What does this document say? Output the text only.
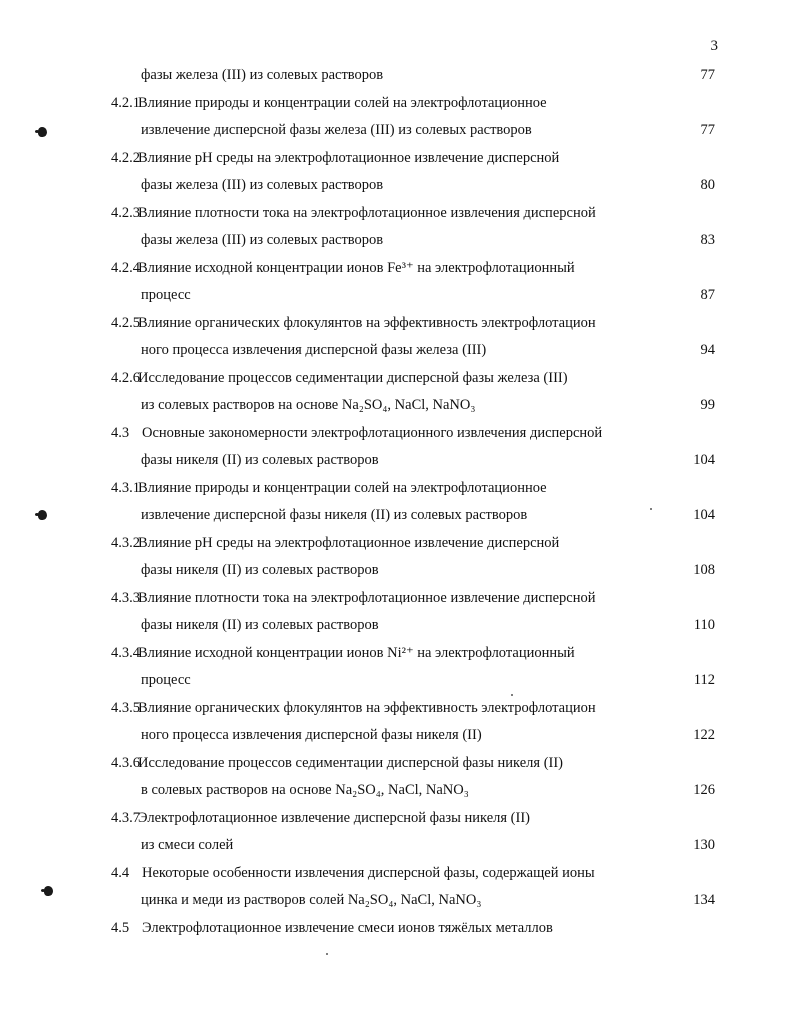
3
фазы железа (III) из солевых растворов	77
4.2.1
Влияние природы и концентрации солей на электрофлотационное
извлечение дисперсной фазы железа (III) из солевых растворов	77
4.2.2
Влияние pH среды на электрофлотационное извлечение дисперсной
фазы железа (III) из солевых растворов	80
4.2.3
Влияние плотности тока на электрофлотационное извлечения дисперсной
фазы железа (III) из солевых растворов	83
4.2.4
Влияние исходной концентрации ионов Fe³⁺ на электрофлотационный
процесс	87
4.2.5
Влияние органических флокулянтов на эффективность электрофлотацион
ного процесса извлечения дисперсной фазы железа (III)	94
4.2.6
Исследование процессов седиментации дисперсной фазы железа (III)
из солевых растворов на основе Na₂SO₄, NaCl, NaNO₃	99
4.3 Основные закономерности электрофлотационного извлечения дисперсной
фазы никеля (II) из солевых растворов	104
4.3.1
Влияние природы и концентрации солей на электрофлотационное
извлечение дисперсной фазы никеля (II) из солевых растворов	104
4.3.2
Влияние pH среды на электрофлотационное извлечение дисперсной
фазы никеля (II) из солевых растворов	108
4.3.3
Влияние плотности тока на электрофлотационное извлечение дисперсной
фазы никеля (II) из солевых растворов	110
4.3.4
Влияние исходной концентрации ионов Ni²⁺ на электрофлотационный
процесс	112
4.3.5
Влияние органических флокулянтов на эффективность электрофлотацион
ного процесса извлечения дисперсной фазы никеля (II)	122
4.3.6
Исследование процессов седиментации дисперсной фазы никеля (II)
в солевых растворов на основе Na₂SO₄, NaCl, NaNO₃	126
4.3.7
Электрофлотационное извлечение дисперсной фазы никеля (II)
из смеси солей	130
4.4 Некоторые особенности извлечения дисперсной фазы, содержащей ионы
цинка и меди из растворов солей Na₂SO₄, NaCl, NaNO₃	134
4.5 Электрофлотационное извлечение смеси ионов тяжёлых металлов
